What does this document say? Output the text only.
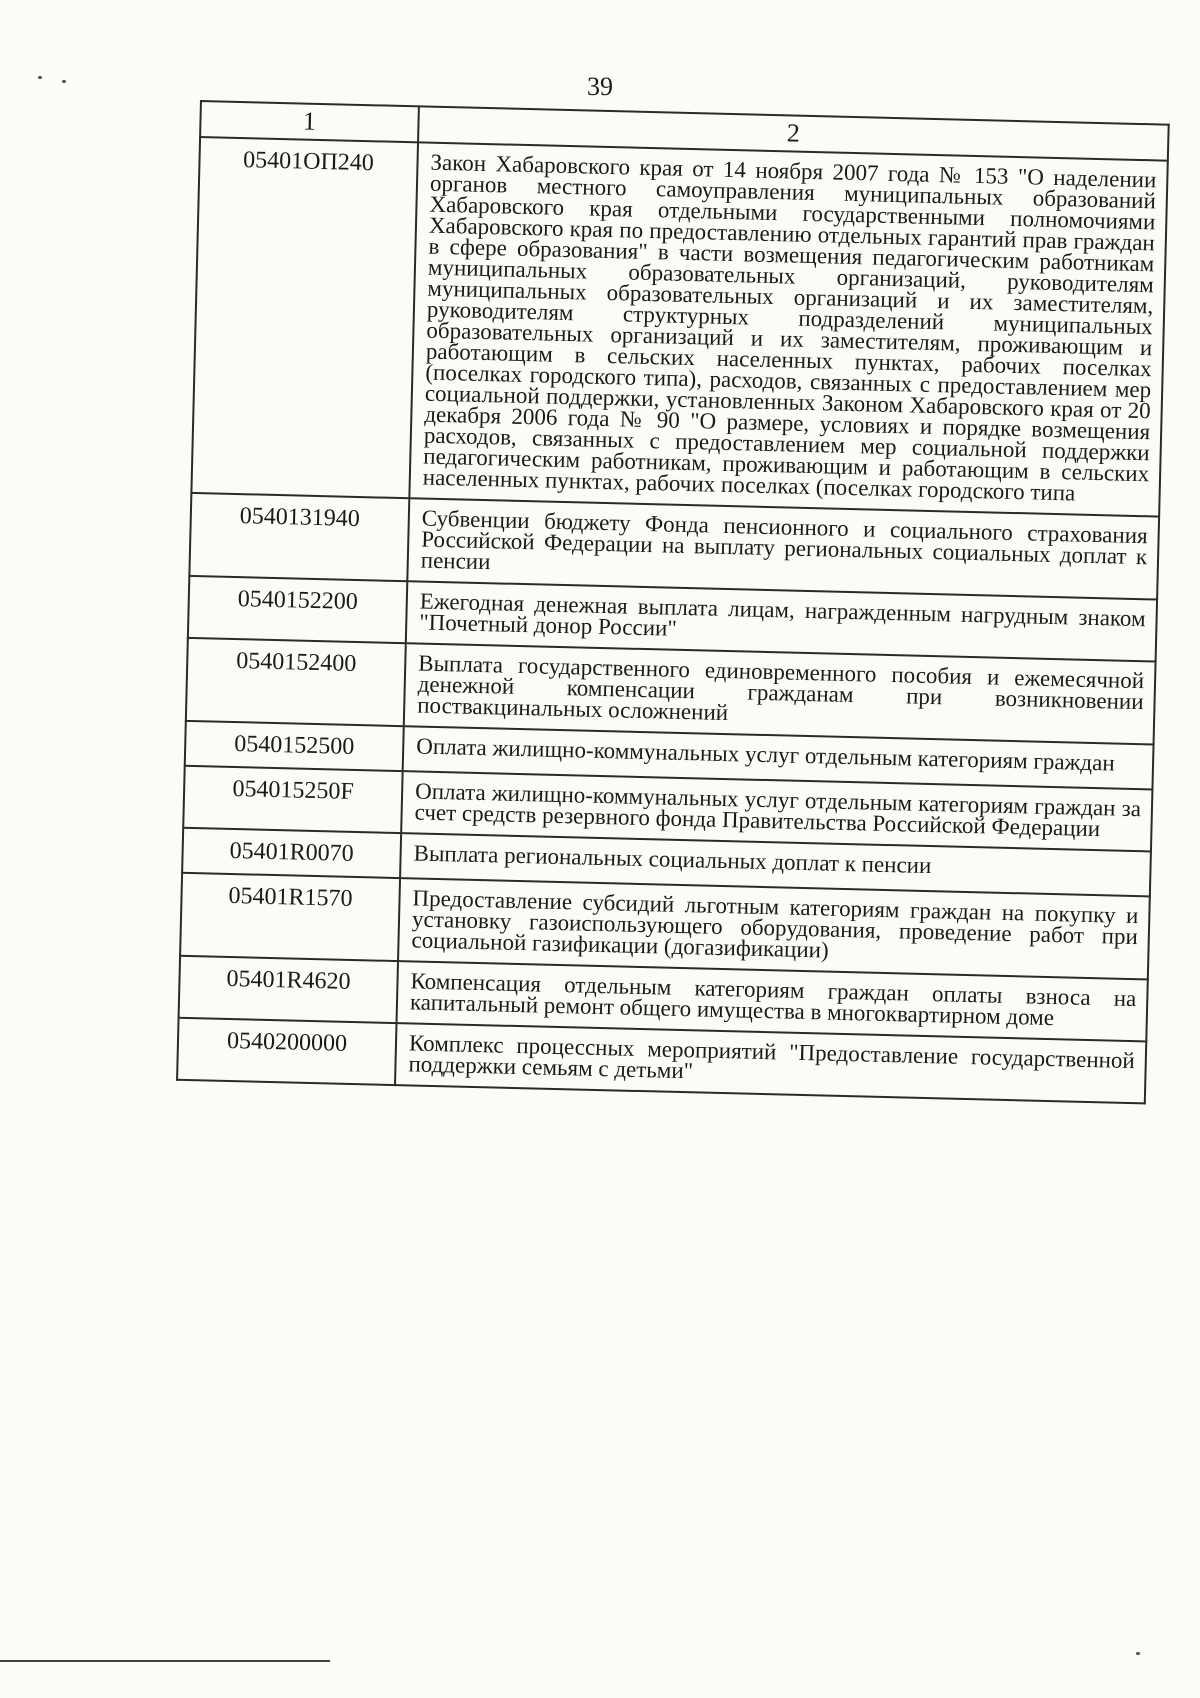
39
1	2
05401ОП240	Закон Хабаровского края от 14 ноября 2007 года № 153 "О наделении органов местного самоуправления муниципальных образований Хабаровского края отдельными государственными полномочиями Хабаровского края по предоставлению отдельных гарантий прав граждан в сфере образования" в части возмещения педагогическим работникам муниципальных образовательных организаций, руководителям муниципальных образовательных организаций и их заместителям, руководителям структурных подразделений муниципальных образовательных организаций и их заместителям, проживающим и работающим в сельских населенных пунктах, рабочих поселках (поселках городского типа), расходов, связанных с предоставлением мер социальной поддержки, установленных Законом Хабаровского края от 20 декабря 2006 года № 90 "О размере, условиях и порядке возмещения расходов, связанных с предоставлением мер социальной поддержки педагогическим работникам, проживающим и работающим в сельских населенных пунктах, рабочих поселках (поселках городского типа
0540131940	Субвенции бюджету Фонда пенсионного и социального страхования Российской Федерации на выплату региональных социальных доплат к пенсии
0540152200	Ежегодная денежная выплата лицам, награжденным нагрудным знаком "Почетный донор России"
0540152400	Выплата государственного единовременного пособия и ежемесячной денежной компенсации гражданам при возникновении поствакцинальных осложнений
0540152500	Оплата жилищно-коммунальных услуг отдельным категориям граждан
054015250F	Оплата жилищно-коммунальных услуг отдельным категориям граждан за счет средств резервного фонда Правительства Российской Федерации
05401R0070	Выплата региональных социальных доплат к пенсии
05401R1570	Предоставление субсидий льготным категориям граждан на покупку и установку газоиспользующего оборудования, проведение работ при социальной газификации (догазификации)
05401R4620	Компенсация отдельным категориям граждан оплаты взноса на капитальный ремонт общего имущества в многоквартирном доме
0540200000	Комплекс процессных мероприятий "Предоставление государственной поддержки семьям с детьми"
